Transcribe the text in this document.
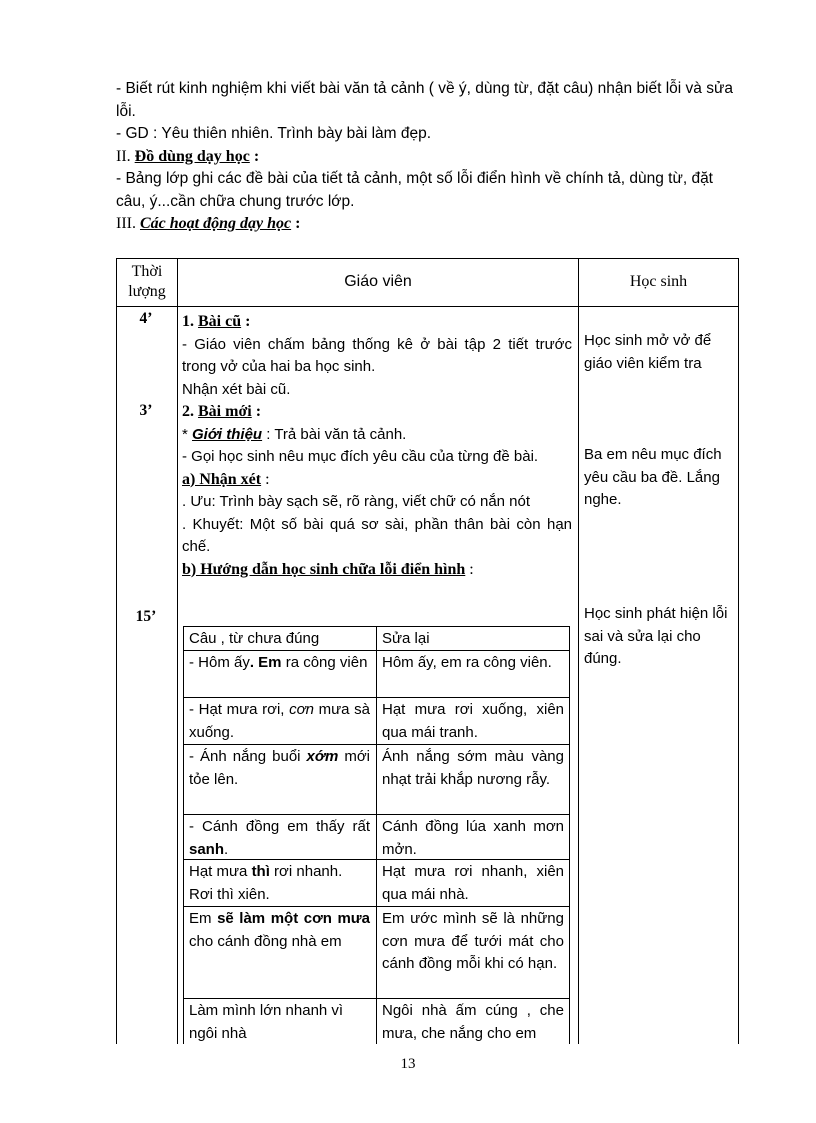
- Biết rút kinh nghiệm khi viết bài văn tả cảnh ( về ý, dùng từ, đặt câu) nhận biết lỗi và sửa lỗi.

- GD : Yêu thiên nhiên. Trình bày bài làm đẹp.

II. Đồ dùng dạy học :

- Bảng lớp ghi các đề bài của tiết tả cảnh, một số lỗi điển hình về chính tả, dùng từ, đặt câu, ý...cần chữa chung trước lớp.

III. Các hoạt động dạy học :

Thời lượng
Giáo viên	Học sinh
4’
3’
15’

1. Bài cũ :

- Giáo viên chấm bảng thống kê ở bài tập 2 tiết trước trong vở của hai ba học sinh.

Nhận xét bài cũ.

2. Bài mới :

* Giới thiệu : Trả bài văn tả cảnh.

- Gọi học sinh nêu mục đích yêu cầu của từng đề bài.

a) Nhận xét :

. Ưu: Trình bày sạch sẽ, rõ ràng, viết chữ có nắn nót

. Khuyết: Một số bài quá sơ sài, phần thân bài còn hạn chế.

b) Hướng dẫn học sinh chữa lỗi điển hình :

Học sinh mở vở để giáo viên kiểm tra
Ba em nêu mục đích yêu cầu ba đề. Lắng nghe.
Học sinh phát hiện lỗi sai và sửa lại cho đúng.
Câu , từ chưa đúng	Sửa lại
- Hôm ấy. Em ra công viên Hôm ấy, em ra công viên.
- Hạt mưa rơi, cơn mưa sà xuống.
Hạt mưa rơi xuống, xiên qua mái tranh.
- Ánh nắng buổi xớm mới tỏe lên.
Ánh nắng sớm màu vàng nhạt trải khắp nương rẫy.
- Cánh đồng em thấy rất sanh.
Cánh đồng lúa xanh mơn mởn.
Hạt mưa thì rơi nhanh. Rơi thì xiên.
Hạt mưa rơi nhanh, xiên qua mái nhà.
Em sẽ làm một cơn mưa cho cánh đồng nhà em
Em ước mình sẽ là những cơn mưa để tưới mát cho cánh đồng mỗi khi có hạn.
Làm mình lớn nhanh vì ngôi nhà
Ngôi nhà ấm cúng , che mưa, che nắng cho em
13
